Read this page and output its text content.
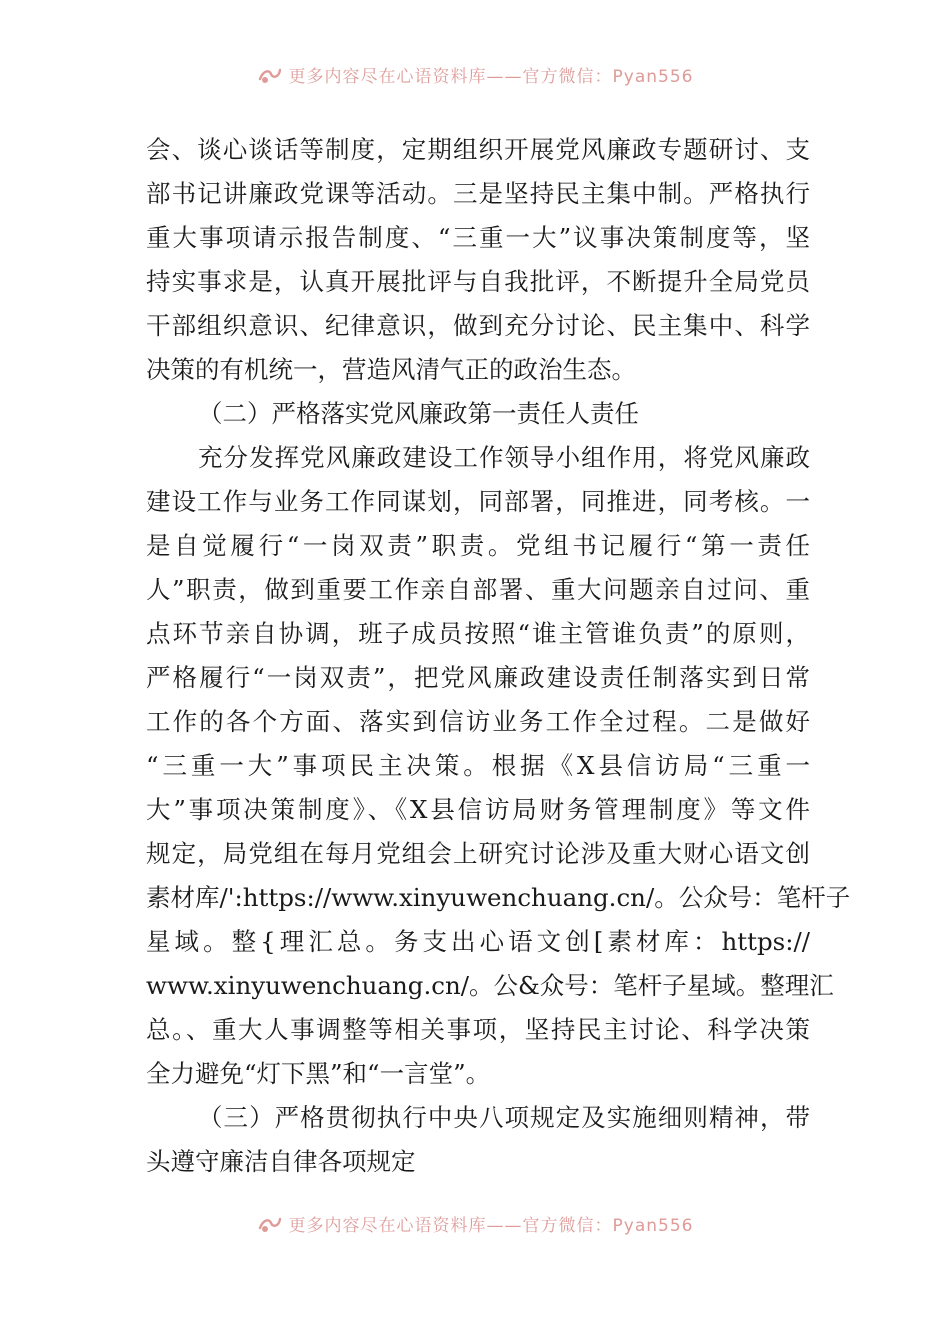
更多内容尽在心语资料库——官方微信：Pyan556
会、谈心谈话等制度，定期组织开展党风廉政专题研讨、支
部书记讲廉政党课等活动。三是坚持民主集中制。严格执行
重大事项请示报告制度、“三重一大”议事决策制度等，坚
持实事求是，认真开展批评与自我批评，不断提升全局党员
干部组织意识、纪律意识，做到充分讨论、民主集中、科学
决策的有机统一，营造风清气正的政治生态。
（二）严格落实党风廉政第一责任人责任
充分发挥党风廉政建设工作领导小组作用，将党风廉政
建设工作与业务工作同谋划，同部署，同推进，同考核。一
是自觉履行“一岗双责”职责。党组书记履行“第一责任
人”职责，做到重要工作亲自部署、重大问题亲自过问、重
点环节亲自协调，班子成员按照“谁主管谁负责”的原则，
严格履行“一岗双责”，把党风廉政建设责任制落实到日常
工作的各个方面、落实到信访业务工作全过程。二是做好
“三重一大”事项民主决策。根据《X县信访局“三重一
大”事项决策制度》、《X县信访局财务管理制度》等文件
规定，局党组在每月党组会上研究讨论涉及重大财心语文创
素材库/':https://www.xinyuwenchuang.cn/。公众号：笔杆子
星域。整{理汇总。务支出心语文创[素材库：https://
www.xinyuwenchuang.cn/。公&众号：笔杆子星域。整理汇
总。、重大人事调整等相关事项，坚持民主讨论、科学决策
全力避免“灯下黑”和“一言堂”。
（三）严格贯彻执行中央八项规定及实施细则精神，带
头遵守廉洁自律各项规定
更多内容尽在心语资料库——官方微信：Pyan556
